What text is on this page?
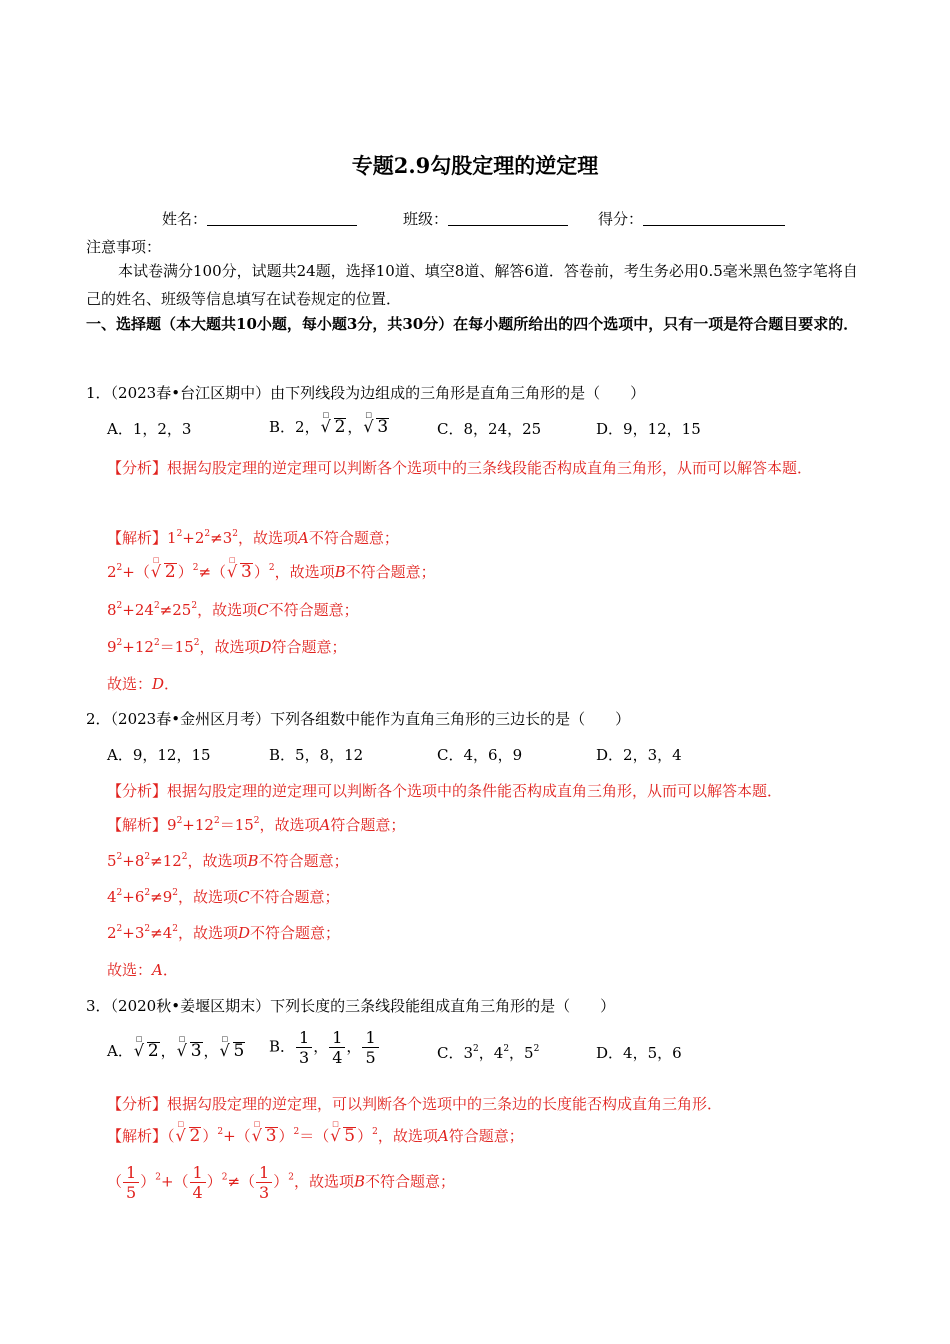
专题2.9勾股定理的逆定理
姓名：	班级：	得分：
注意事项：
本试卷满分100分，试题共24题，选择10道、填空8道、解答6道．答卷前，考生务必用0.5毫米黑色签字笔将自己的姓名、班级等信息填写在试卷规定的位置．
一、选择题（本大题共10小题，每小题3分，共30分）在每小题所给出的四个选项中，只有一项是符合题目要求的．
1．（2023春•台江区期中）由下列线段为边组成的三角形是直角三角形的是（　　）
A．1，2，3	B．2，
□
√ 2 ，
□
√ 3	C．8，24，25	D．9，12，15
【分析】根据勾股定理的逆定理可以判断各个选项中的三条线段能否构成直角三角形，从而可以解答本题．
【解析】$1^2+2^2\ne 3^2$，故选项A不符合题意；
$2^2+$（
□
√ 2 ）$^2$≠（
□
√ 3 ）$^2$，故选项B不符合题意；
$8^2+24^2\ne 25^2$，故选项C不符合题意；
$9^2+12^2=15^2$，故选项D符合题意；
故选：D．
2．（2023春•金州区月考）下列各组数中能作为直角三角形的三边长的是（　　）
A．9，12，15	B．5，8，12	C．4，6，9	D．2，3，4
【分析】根据勾股定理的逆定理可以判断各个选项中的条件能否构成直角三角形，从而可以解答本题．
【解析】$9^2+12^2=15^2$，故选项A符合题意；
$5^2+8^2\ne 12^2$，故选项B不符合题意；
$4^2+6^2\ne 9^2$，故选项C不符合题意；
$2^2+3^2\ne 4^2$，故选项D不符合题意；
故选：A．
3．（2020秋•姜堰区期末）下列长度的三条线段能组成直角三角形的是（　　）
A．
□
√ 2 ，
□
√ 3 ，
□
√ 5 B． $\frac{1}{3}$ ， $\frac{1}{4}$ ， $\frac{1}{5}$	C．$3^2$，$4^2$，$5^2$	D．4，5，6
【分析】根据勾股定理的逆定理，可以判断各个选项中的三条边的长度能否构成直角三角形．
【解析】（
□
√ 2 ）$^2$+（
□
√ 3 ）$^2$＝（
□
√ 5 ）$^2$，故选项A符合题意；
（ $\frac{1}{5} )^2+( \frac{1}{4} )^2\ne( \frac{1}{3} )^2$，故选项B不符合题意；
